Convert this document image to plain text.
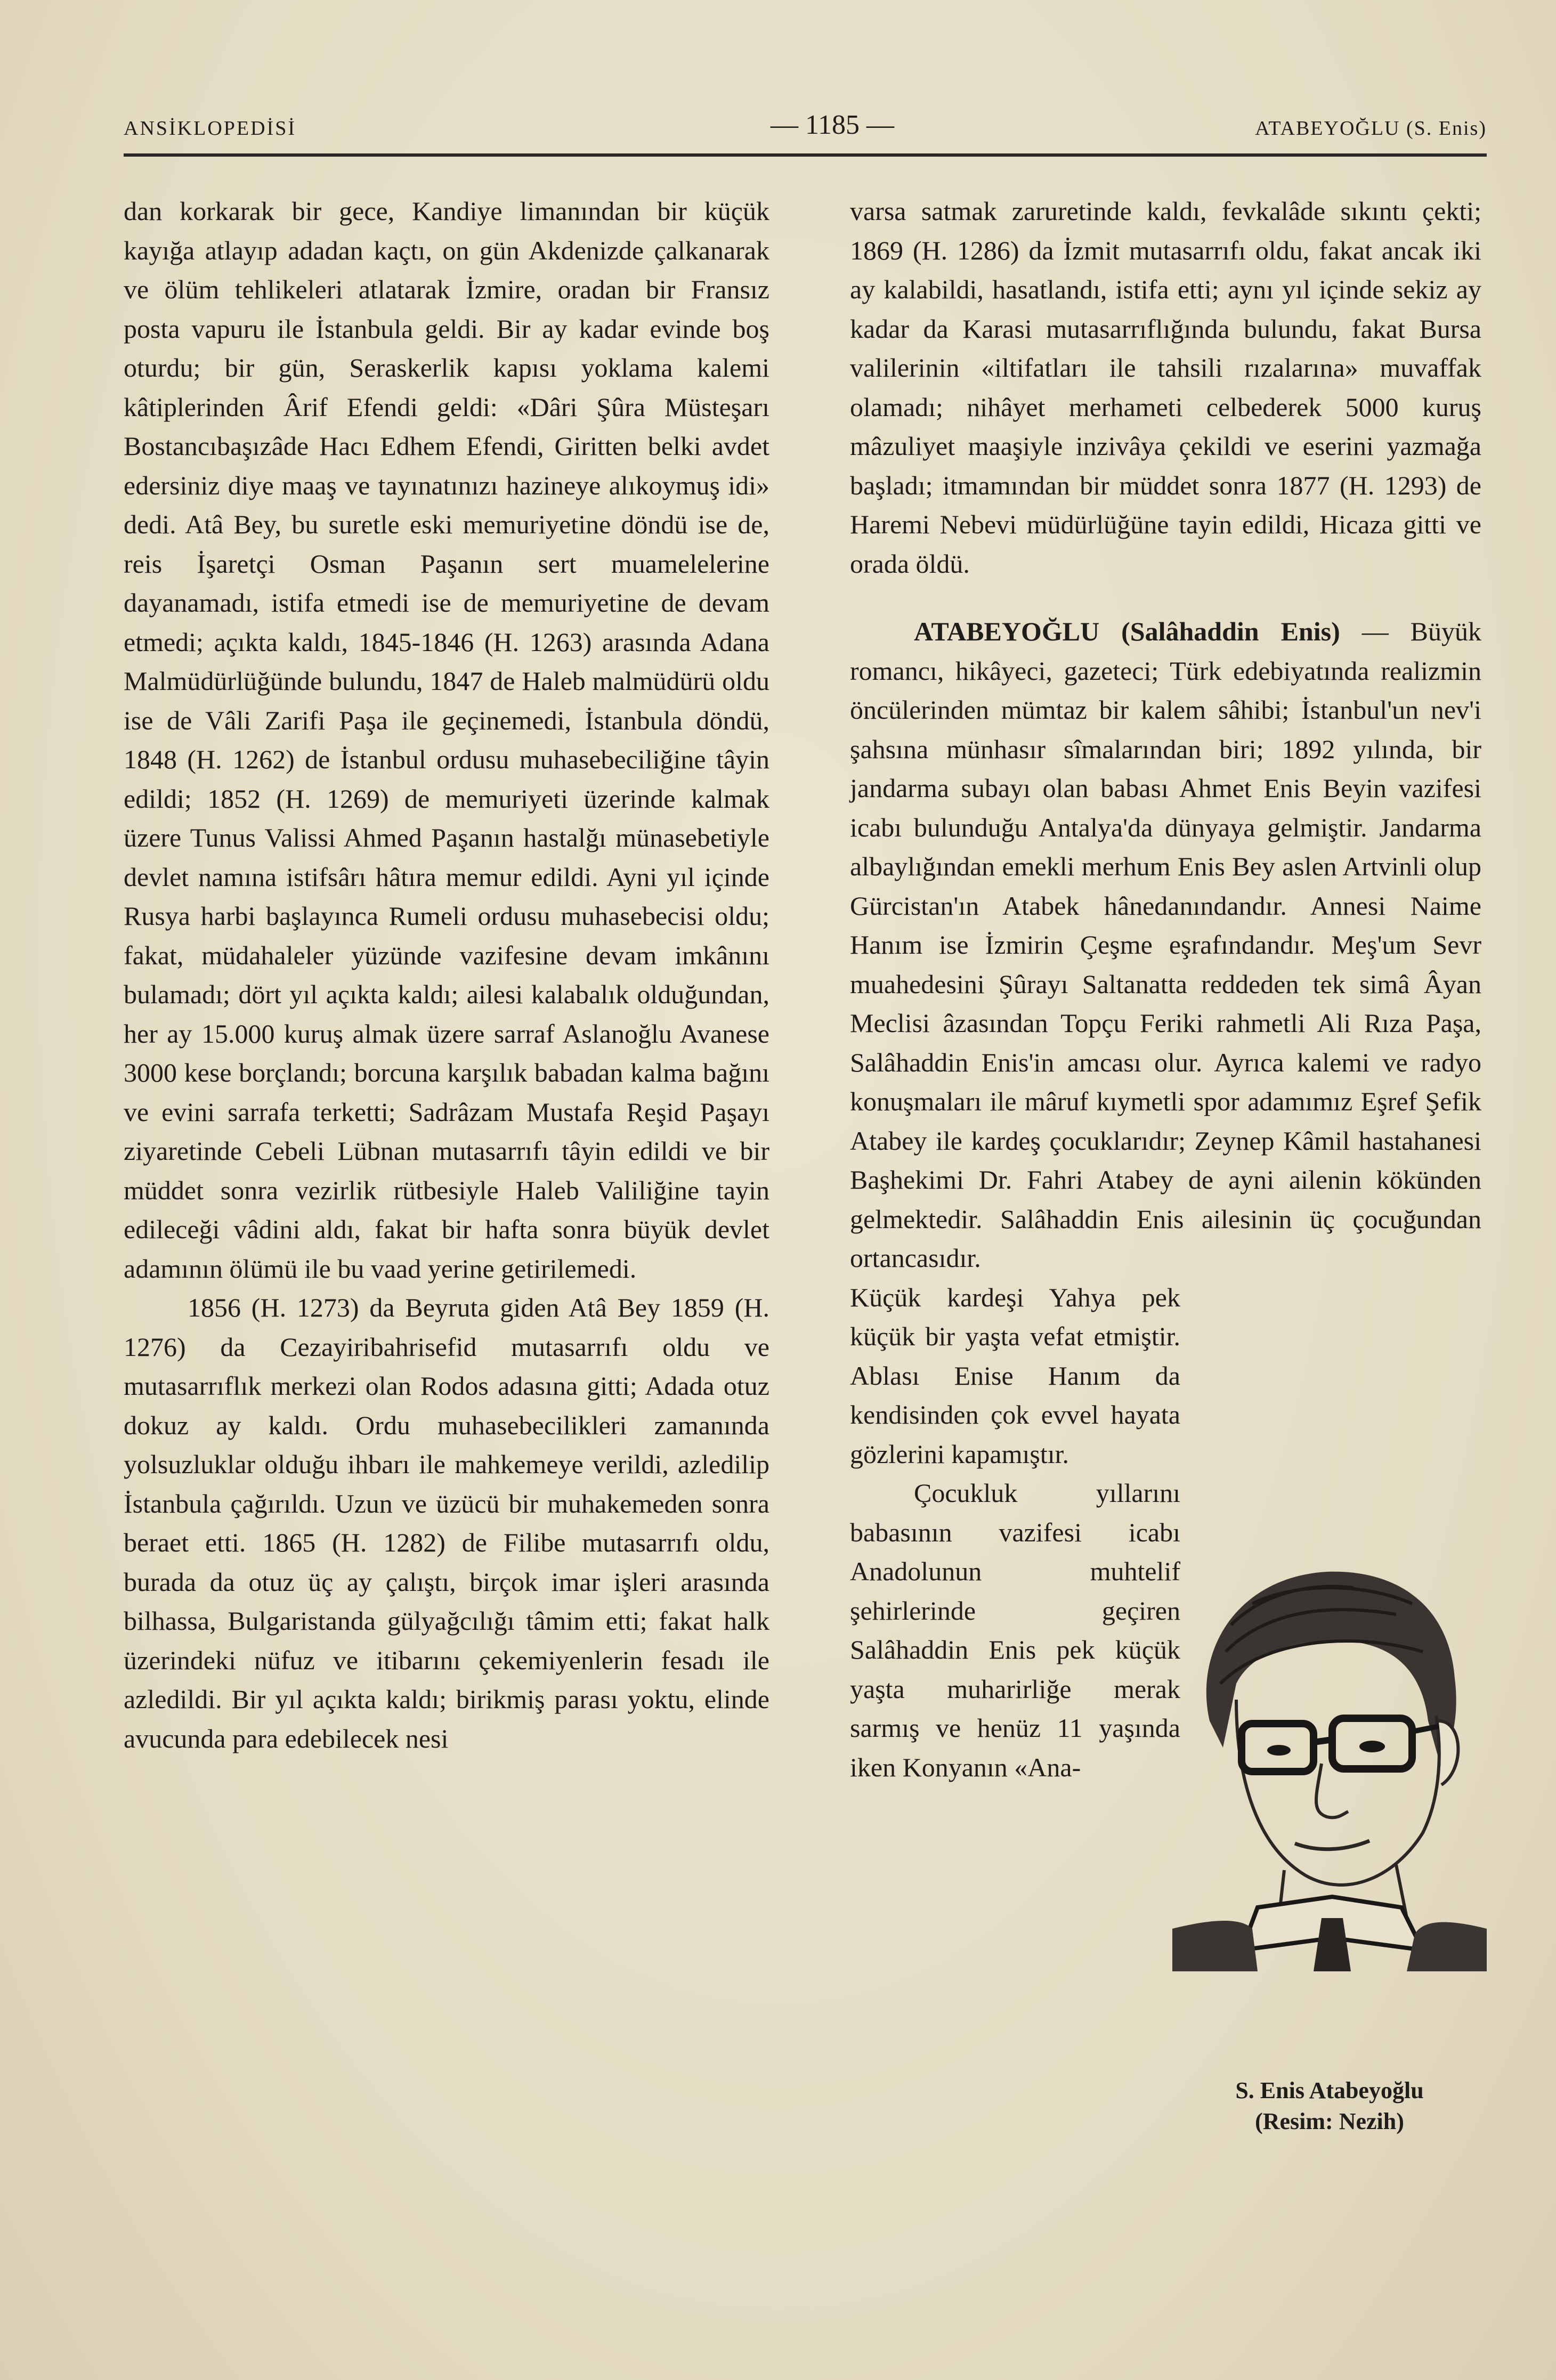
ANSİKLOPEDİSİ	— 1185 —	ATABEYOĞLU (S. Enis)

dan korkarak bir gece, Kandiye limanından bir küçük kayığa atlayıp adadan kaçtı, on gün Akdenizde çalkanarak ve ölüm tehlikeleri atlatarak İzmire, oradan bir Fransız posta vapuru ile İstanbula geldi. Bir ay kadar evinde boş oturdu; bir gün, Seraskerlik kapısı yoklama kalemi kâtiplerinden Ârif Efendi geldi: «Dâri Şûra Müsteşarı Bostancıbaşızâde Hacı Edhem Efendi, Giritten belki avdet edersiniz diye maaş ve tayınatınızı hazineye alıkoymuş idi» dedi. Atâ Bey, bu suretle eski memuriyetine döndü ise de, reis İşaretçi Osman Paşanın sert muamelelerine dayanamadı, istifa etmedi ise de memuriyetine de devam etmedi; açıkta kaldı, 1845-1846 (H. 1263) arasında Adana Malmüdürlüğünde bulundu, 1847 de Haleb malmüdürü oldu ise de Vâli Zarifi Paşa ile geçinemedi, İstanbula döndü, 1848 (H. 1262) de İstanbul ordusu muhasebeciliğine tâyin edildi; 1852 (H. 1269) de memuriyeti üzerinde kalmak üzere Tunus Valissi Ahmed Paşanın hastalğı münasebetiyle devlet namına istifsârı hâtıra memur edildi. Ayni yıl içinde Rusya harbi başlayınca Rumeli ordusu muhasebecisi oldu; fakat, müdahaleler yüzünde vazifesine devam imkânını bulamadı; dört yıl açıkta kaldı; ailesi kalabalık olduğundan, her ay 15.000 kuruş almak üzere sarraf Aslanoğlu Avanese 3000 kese borçlandı; borcuna karşılık babadan kalma bağını ve evini sarrafa terketti; Sadrâzam Mustafa Reşid Paşayı ziyaretinde Cebeli Lübnan mutasarrıfı tâyin edildi ve bir müddet sonra vezirlik rütbesiyle Haleb Valiliğine tayin edileceği vâdini aldı, fakat bir hafta sonra büyük devlet adamının ölümü ile bu vaad yerine getirilemedi.

1856 (H. 1273) da Beyruta giden Atâ Bey 1859 (H. 1276) da Cezayiribahrisefid mutasarrıfı oldu ve mutasarrıflık merkezi olan Rodos adasına gitti; Adada otuz dokuz ay kaldı. Ordu muhasebecilikleri zamanında yolsuzluklar olduğu ihbarı ile mahkemeye verildi, azledilip İstanbula çağırıldı. Uzun ve üzücü bir muhakemeden sonra beraet etti. 1865 (H. 1282) de Filibe mutasarrıfı oldu, burada da otuz üç ay çalıştı, birçok imar işleri arasında bilhassa, Bulgaristanda gülyağcılığı tâmim etti; fakat halk üzerindeki nüfuz ve itibarını çekemiyenlerin fesadı ile azledildi. Bir yıl açıkta kaldı; birikmiş parası yoktu, elinde avucunda para edebilecek nesi

varsa satmak zaruretinde kaldı, fevkalâde sıkıntı çekti; 1869 (H. 1286) da İzmit mutasarrıfı oldu, fakat ancak iki ay kalabildi, hasatlandı, istifa etti; aynı yıl içinde sekiz ay kadar da Karasi mutasarrıflığında bulundu, fakat Bursa valilerinin «iltifatları ile tahsili rızalarına» muvaffak olamadı; nihâyet merhameti celbederek 5000 kuruş mâzuliyet maaşiyle inzivâya çekildi ve eserini yazmağa başladı; itmamından bir müddet sonra 1877 (H. 1293) de Haremi Nebevi müdürlüğüne tayin edildi, Hicaza gitti ve orada öldü.

ATABEYOĞLU (Salâhaddin Enis) — Büyük romancı, hikâyeci, gazeteci; Türk edebiyatında realizmin öncülerinden mümtaz bir kalem sâhibi; İstanbul'un nev'i şahsına münhasır sîmalarından biri; 1892 yılında, bir jandarma subayı olan babası Ahmet Enis Beyin vazifesi icabı bulunduğu Antalya'da dünyaya gelmiştir. Jandarma albaylığından emekli merhum Enis Bey aslen Artvinli olup Gürcistan'ın Atabek hânedanındandır. Annesi Naime Hanım ise İzmirin Çeşme eşrafındandır. Meş'um Sevr muahedesini Şûrayı Saltanatta reddeden tek simâ Âyan Meclisi âzasından Topçu Feriki rahmetli Ali Rıza Paşa, Salâhaddin Enis'in amcası olur. Ayrıca kalemi ve radyo konuşmaları ile mâruf kıymetli spor adamımız Eşref Şefik Atabey ile kardeş çocuklarıdır; Zeynep Kâmil hastahanesi Başhekimi Dr. Fahri Atabey de ayni ailenin kökünden gelmektedir. Salâhaddin Enis ailesinin üç çocuğundan ortancasıdır.

Küçük kardeşi Yahya pek küçük bir yaşta vefat etmiştir. Ablası Enise Hanım da kendisinden çok evvel hayata gözlerini kapamıştır.

Çocukluk yıllarını babasının vazifesi icabı Anadolunun muhtelif şehirlerinde geçiren Salâhaddin Enis pek küçük yaşta muharirliğe merak sarmış ve henüz 11 yaşında iken Konyanın «Ana-

S. Enis Atabeyoğlu
(Resim: Nezih)
